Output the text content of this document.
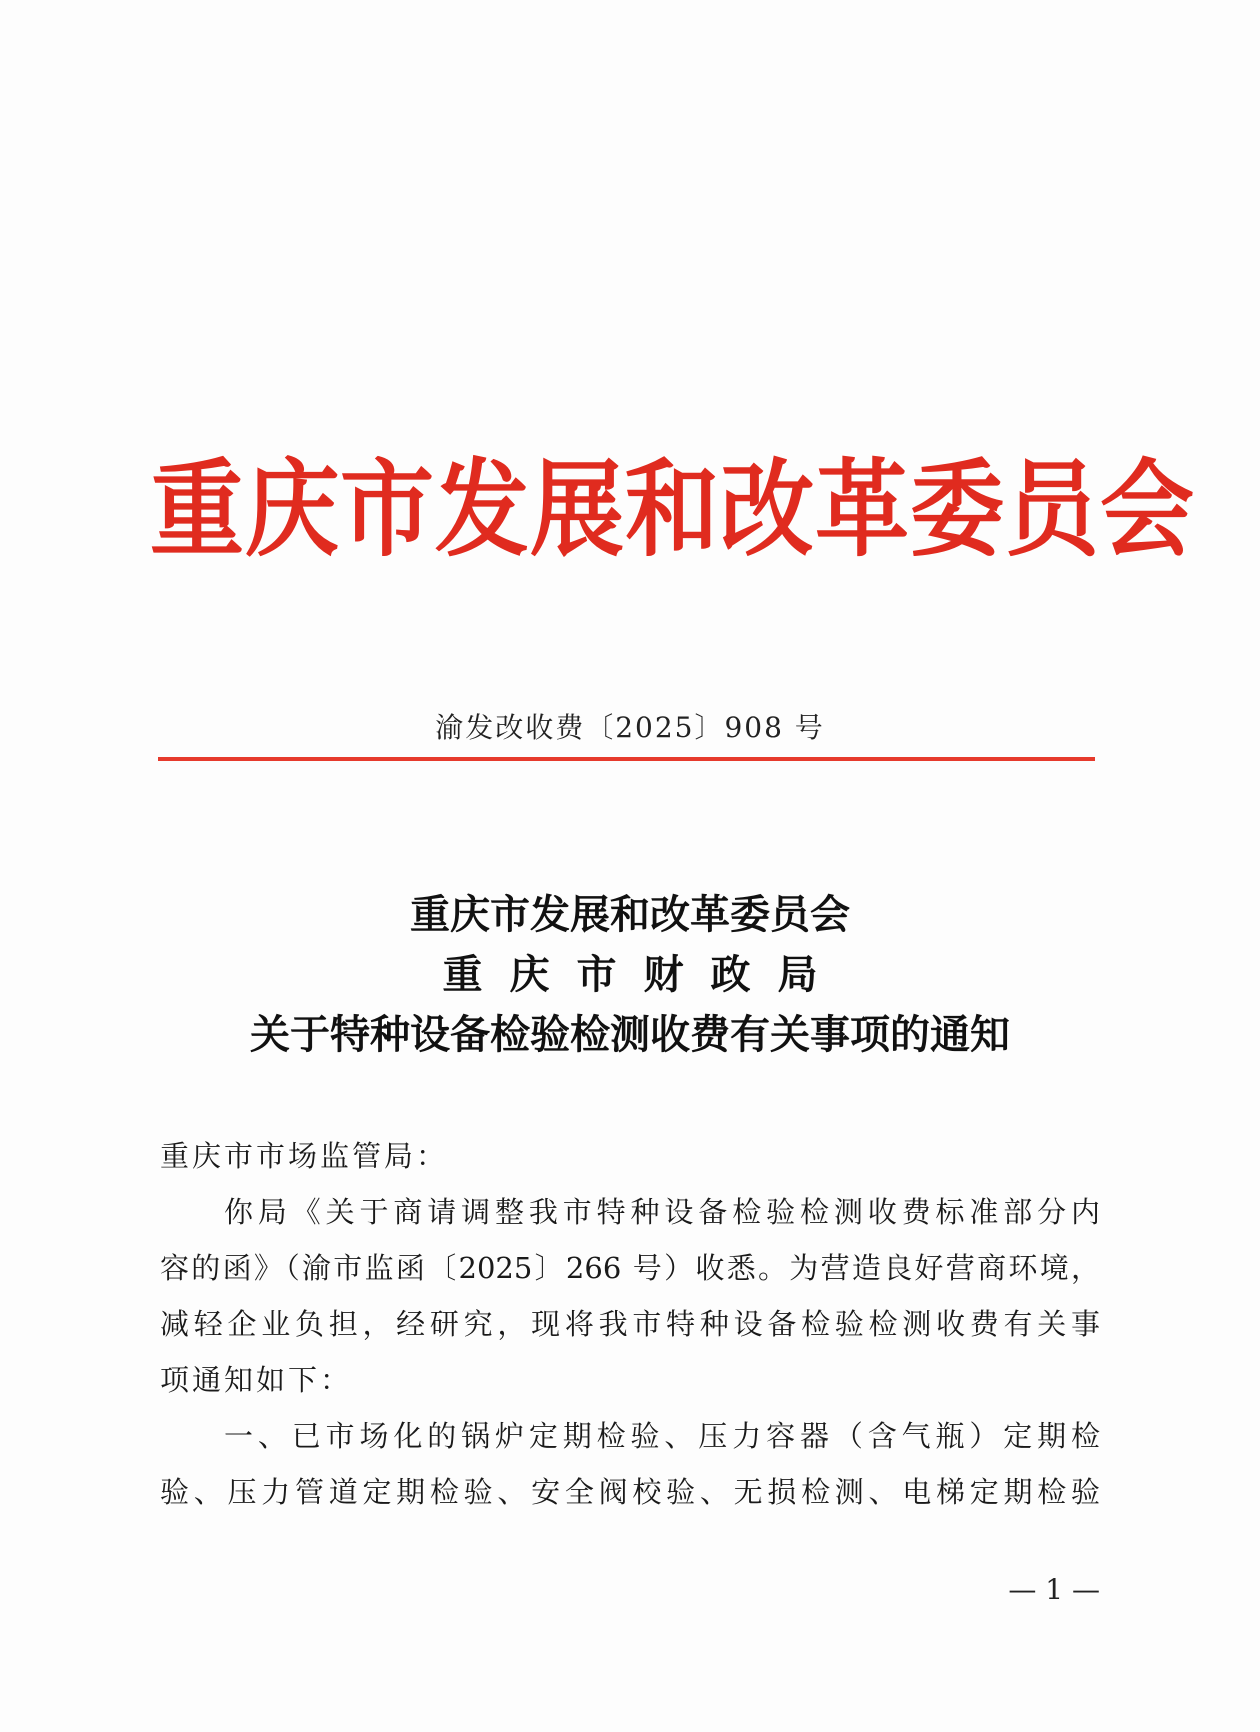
重庆市发展和改革委员会
渝发改收费〔2025〕908 号
重庆市发展和改革委员会
重庆市财政局
关于特种设备检验检测收费有关事项的通知
重庆市市场监管局：
你局《关于商请调整我市特种设备检验检测收费标准部分内
容的函》（渝市监函〔2025〕266 号）收悉。为营造良好营商环境，
减轻企业负担，经研究，现将我市特种设备检验检测收费有关事
项通知如下：
一、已市场化的锅炉定期检验、压力容器（含气瓶）定期检
验、压力管道定期检验、安全阀校验、无损检测、电梯定期检验
— 1 —
